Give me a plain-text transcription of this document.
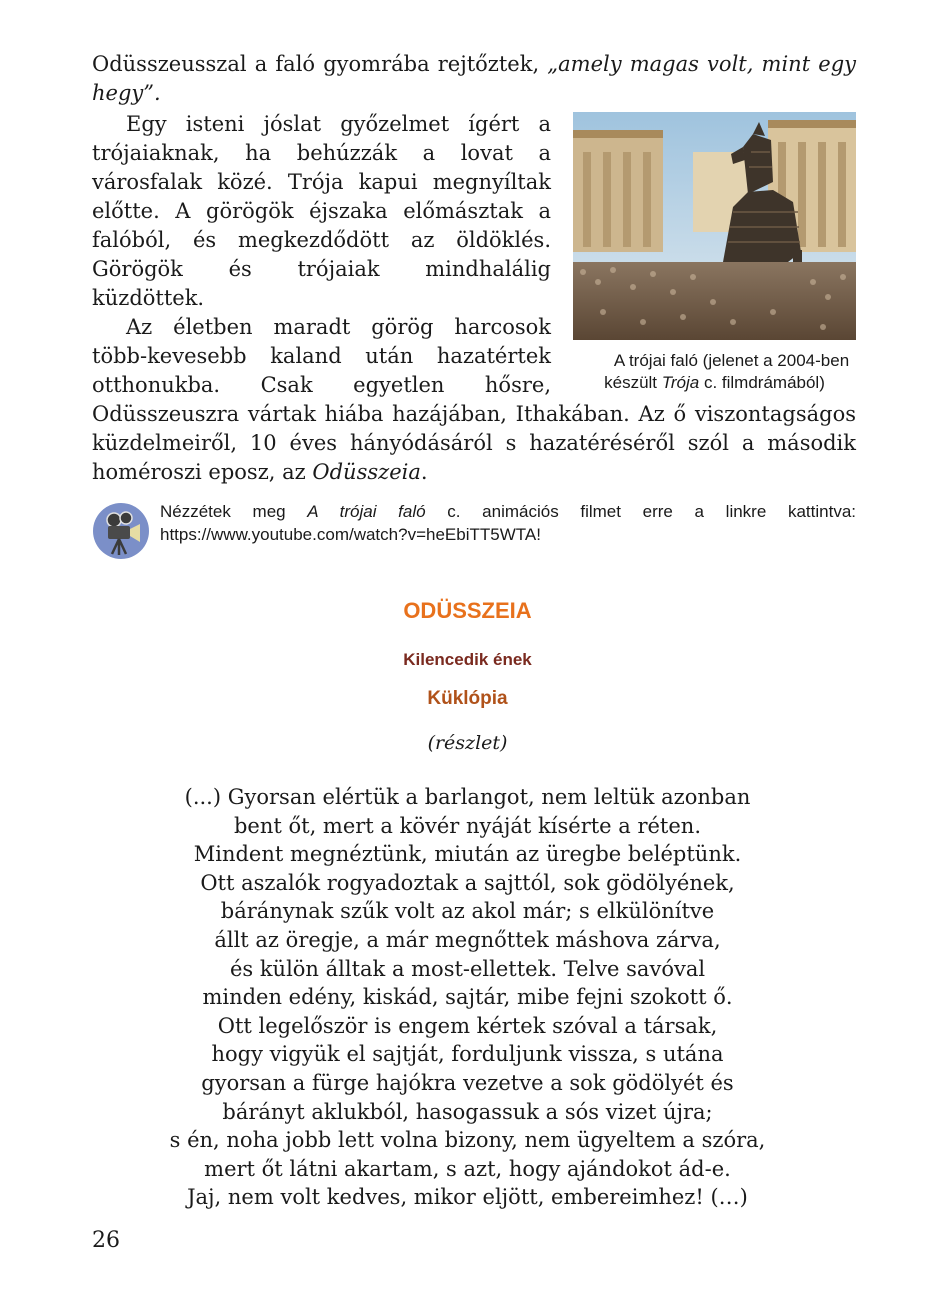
Odüsszeusszal a faló gyomrába rejtőztek, „amely magas volt, mint egy hegy”.

A trójai faló (jelenet a 2004-ben készült Trója c. filmdrámából)
Egy isteni jóslat győzelmet ígért a trójaiaknak, ha behúzzák a lovat a városfalak közé. Trója kapui megnyíltak előtte. A görögök éjszaka előmásztak a falóból, és megkezdődött az öldöklés. Görögök és trójaiak mindhalálig küzdöttek.

Az életben maradt görög harcosok több-kevesebb kaland után hazatértek otthonukba. Csak egyetlen hősre, Odüsszeuszra vártak hiába hazájában, Ithakában. Az ő viszontagságos küzdelmeiről, 10 éves hányódásáról s hazatéréséről szól a második homéroszi eposz, az Odüsszeia.

Nézzétek meg A trójai faló c. animációs filmet erre a linkre kattintva: https://www.youtube.com/watch?v=heEbiTT5WTA!
ODÜSSZEIA
Kilencedik ének
Küklópia
(részlet)
(...) Gyorsan elértük a barlangot, nem leltük azonban
bent őt, mert a kövér nyáját kísérte a réten.
Mindent megnéztünk, miután az üregbe beléptünk.
Ott aszalók rogyadoztak a sajttól, sok gödölyének,
báránynak szűk volt az akol már; s elkülönítve
állt az öregje, a már megnőttek máshova zárva,
és külön álltak a most-ellettek. Telve savóval
minden edény, kiskád, sajtár, mibe fejni szokott ő.
Ott legelőször is engem kértek szóval a társak,
hogy vigyük el sajtját, forduljunk vissza, s utána
gyorsan a fürge hajókra vezetve a sok gödölyét és
bárányt aklukból, hasogassuk a sós vizet újra;
s én, noha jobb lett volna bizony, nem ügyeltem a szóra,
mert őt látni akartam, s azt, hogy ajándokot ád-e.
Jaj, nem volt kedves, mikor eljött, embereimhez! (…)
26
